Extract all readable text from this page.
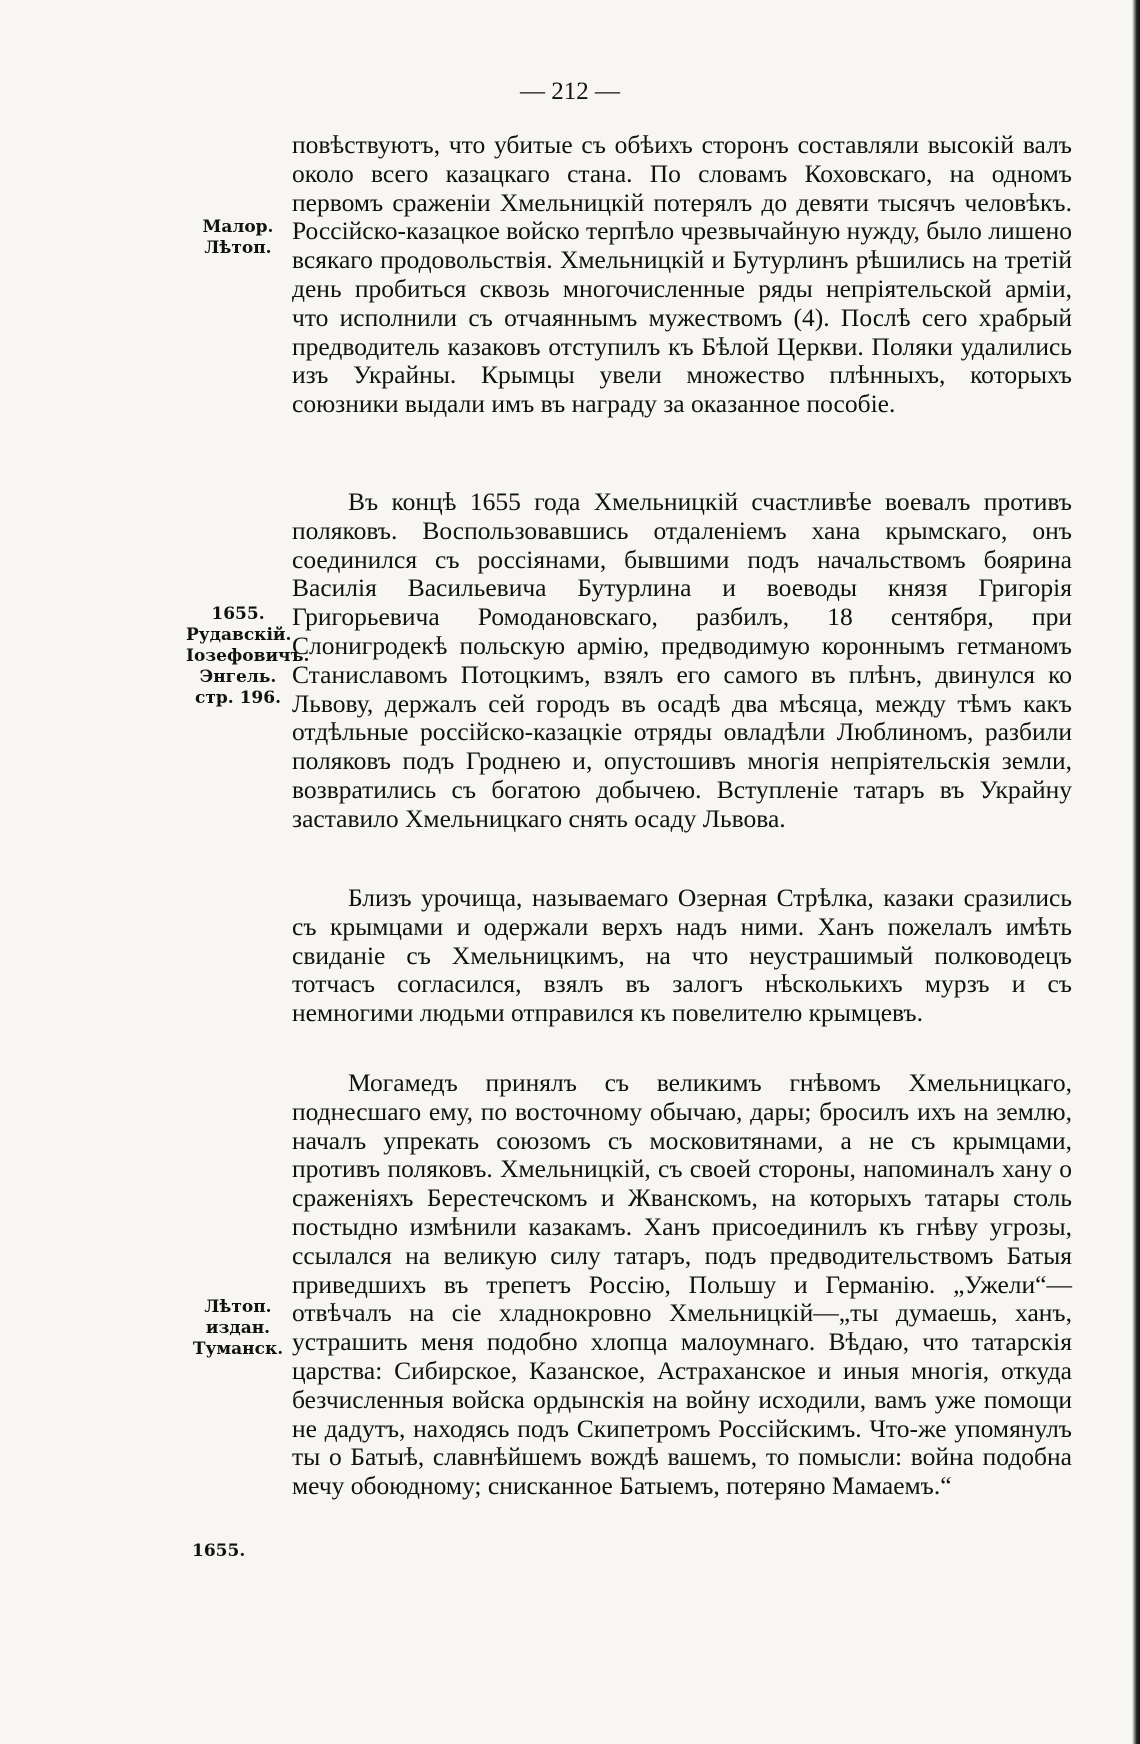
— 212 —
Малор. Лѣтоп.
1655. Рудавскій. Іозефовичъ. Энгель. стр. 196.
Лѣтоп. издан. Туманск.
1655.
повѣствуютъ, что убитые съ обѣихъ сторонъ составляли высокій валъ около всего казацкаго стана. По словамъ Коховскаго, на одномъ первомъ сраженіи Хмельницкій потерялъ до девяти тысячъ человѣкъ. Россійско-казацкое войско терпѣло чрезвычайную нужду, было лишено всякаго продовольствія. Хмельницкій и Бутурлинъ рѣшились на третій день пробиться сквозь многочисленные ряды непріятельской арміи, что исполнили съ отчаяннымъ мужествомъ (4). Послѣ сего храбрый предводитель казаковъ отступилъ къ Бѣлой Церкви. Поляки удалились изъ Украйны. Крымцы увели множество плѣнныхъ, которыхъ союзники выдали имъ въ награду за оказанное пособіе.
Въ концѣ 1655 года Хмельницкій счастливѣе воевалъ противъ поляковъ. Воспользовавшись отдаленіемъ хана крымскаго, онъ соединился съ россіянами, бывшими подъ начальствомъ боярина Василія Васильевича Бутурлина и воеводы князя Григорія Григорьевича Ромодановскаго, разбилъ, 18 сентября, при Слонигродекѣ польскую армію, предводимую короннымъ гетманомъ Станиславомъ Потоцкимъ, взялъ его самого въ плѣнъ, двинулся ко Львову, держалъ сей городъ въ осадѣ два мѣсяца, между тѣмъ какъ отдѣльные россійско-казацкіе отряды овладѣли Люблиномъ, разбили поляковъ подъ Гроднею и, опустошивъ многія непріятельскія земли, возвратились съ богатою добычею. Вступленіе татаръ въ Украйну заставило Хмельницкаго снять осаду Львова.
Близъ урочища, называемаго Озерная Стрѣлка, казаки сразились съ крымцами и одержали верхъ надъ ними. Ханъ пожелалъ имѣть свиданіе съ Хмельницкимъ, на что неустрашимый полководецъ тотчасъ согласился, взялъ въ залогъ нѣсколькихъ мурзъ и съ немногими людьми отправился къ повелителю крымцевъ.
Могамедъ принялъ съ великимъ гнѣвомъ Хмельницкаго, поднесшаго ему, по восточному обычаю, дары; бросилъ ихъ на землю, началъ упрекать союзомъ съ московитянами, а не съ крымцами, противъ поляковъ. Хмельницкій, съ своей стороны, напоминалъ хану о сраженіяхъ Берестечскомъ и Жванскомъ, на которыхъ татары столь постыдно измѣнили казакамъ. Ханъ присоединилъ къ гнѣву угрозы, ссылался на великую силу татаръ, подъ предводительствомъ Батыя приведшихъ въ трепетъ Россію, Польшу и Германію. „Ужели“— отвѣчалъ на сіе хладнокровно Хмельницкій—„ты думаешь, ханъ, устрашить меня подобно хлопца малоумнаго. Вѣдаю, что татарскія царства: Сибирское, Казанское, Астраханское и иныя многія, откуда безчисленныя войска ордынскія на войну исходили, вамъ уже помощи не дадутъ, находясь подъ Скипетромъ Россійскимъ. Что-же упомянулъ ты о Батыѣ, славнѣйшемъ вождѣ вашемъ, то помысли: война подобна мечу обоюдному; снисканное Батыемъ, потеряно Мамаемъ.“
